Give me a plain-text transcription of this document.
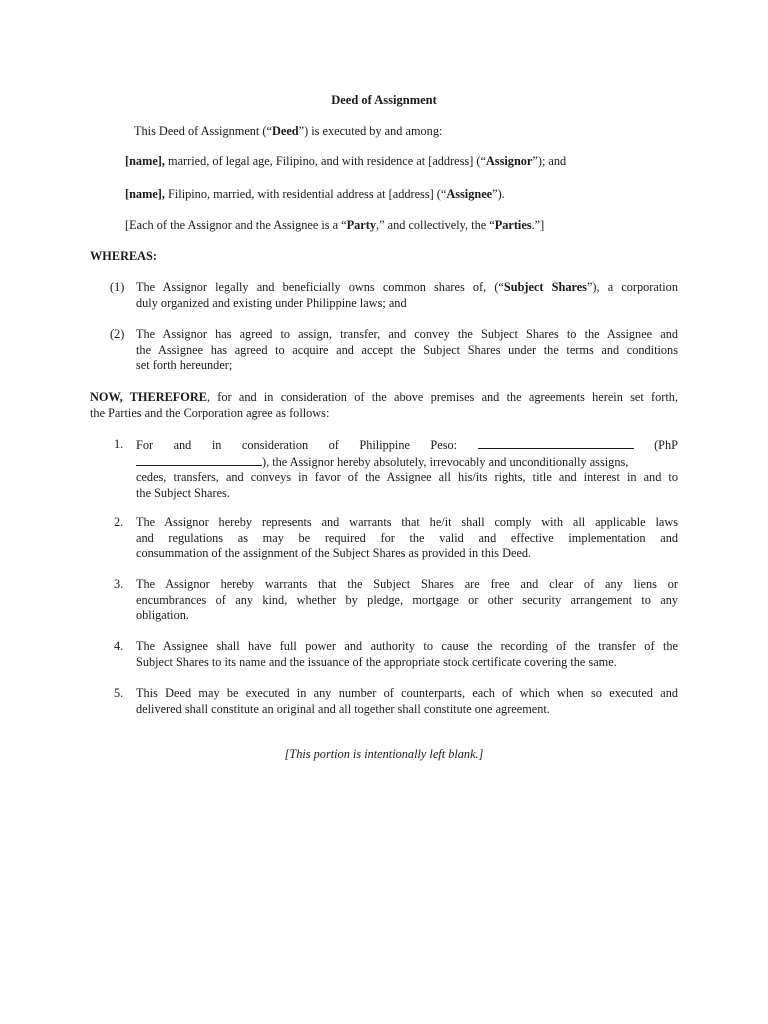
Deed of Assignment
This Deed of Assignment (“Deed”) is executed by and among:
[name], married, of legal age, Filipino, and with residence at [address] (“Assignor”); and
[name], Filipino, married, with residential address at [address] (“Assignee”).
[Each of the Assignor and the Assignee is a “Party,” and collectively, the “Parties.”]
WHEREAS:
(1) The Assignor legally and beneficially owns common shares of, (“Subject Shares”), a corporation
duly organized and existing under Philippine laws; and
(2) The Assignor has agreed to assign, transfer, and convey the Subject Shares to the Assignee and
the Assignee has agreed to acquire and accept the Subject Shares under the terms and conditions
set forth hereunder;
NOW, THEREFORE, for and in consideration of the above premises and the agreements herein set forth,
the Parties and the Corporation agree as follows:
1. For and in consideration of Philippine Peso:	(PhP
), the Assignor hereby absolutely, irrevocably and unconditionally assigns,
cedes, transfers, and conveys in favor of the Assignee all his/its rights, title and interest in and to
the Subject Shares.
2. The Assignor hereby represents and warrants that he/it shall comply with all applicable laws
and regulations as may be required for the valid and effective implementation and
consummation of the assignment of the Subject Shares as provided in this Deed.
3. The Assignor hereby warrants that the Subject Shares are free and clear of any liens or
encumbrances of any kind, whether by pledge, mortgage or other security arrangement to any
obligation.
4. The Assignee shall have full power and authority to cause the recording of the transfer of the
Subject Shares to its name and the issuance of the appropriate stock certificate covering the same.
5. This Deed may be executed in any number of counterparts, each of which when so executed and
delivered shall constitute an original and all together shall constitute one agreement.
[This portion is intentionally left blank.]
